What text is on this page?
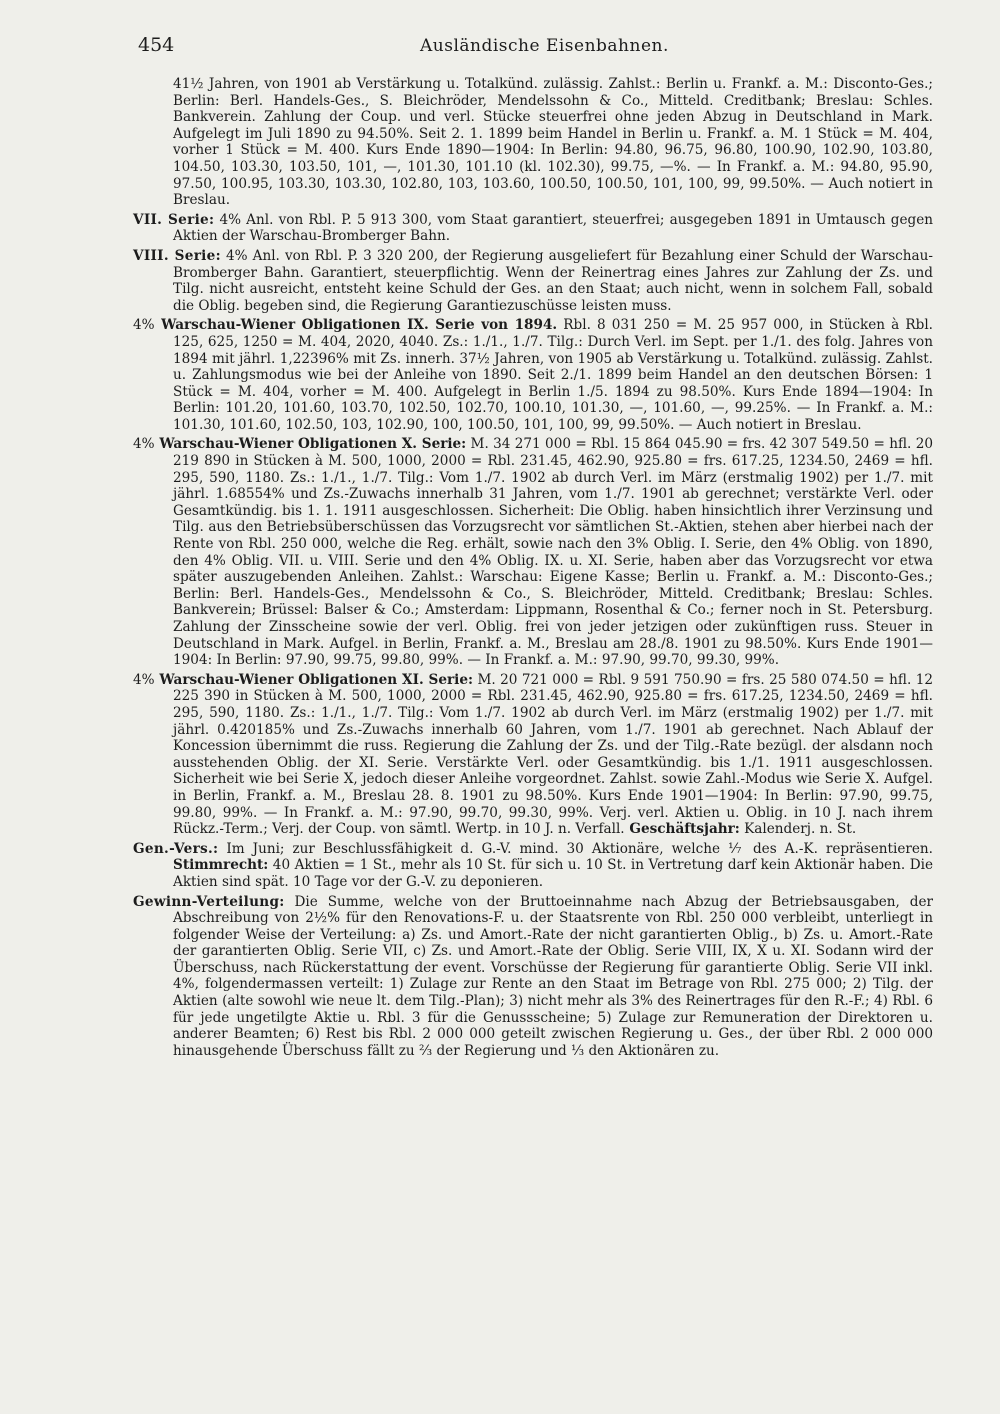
454	Ausländische Eisenbahnen.

41½ Jahren, von 1901 ab Verstärkung u. Totalkünd. zulässig. Zahlst.: Berlin u. Frankf. a. M.: Disconto-Ges.; Berlin: Berl. Handels-Ges., S. Bleichröder, Mendelssohn & Co., Mitteld. Creditbank; Breslau: Schles. Bankverein. Zahlung der Coup. und verl. Stücke steuerfrei ohne jeden Abzug in Deutschland in Mark. Aufgelegt im Juli 1890 zu 94.50%. Seit 2. 1. 1899 beim Handel in Berlin u. Frankf. a. M. 1 Stück = M. 404, vorher 1 Stück = M. 400. Kurs Ende 1890—1904: In Berlin: 94.80, 96.75, 96.80, 100.90, 102.90, 103.80, 104.50, 103.30, 103.50, 101, —, 101.30, 101.10 (kl. 102.30), 99.75, —%. — In Frankf. a. M.: 94.80, 95.90, 97.50, 100.95, 103.30, 103.30, 102.80, 103, 103.60, 100.50, 100.50, 101, 100, 99, 99.50%. — Auch notiert in Breslau.

VII. Serie: 4% Anl. von Rbl. P. 5 913 300, vom Staat garantiert, steuerfrei; ausgegeben 1891 in Umtausch gegen Aktien der Warschau-Bromberger Bahn.

VIII. Serie: 4% Anl. von Rbl. P. 3 320 200, der Regierung ausgeliefert für Bezahlung einer Schuld der Warschau-Bromberger Bahn. Garantiert, steuerpflichtig. Wenn der Reinertrag eines Jahres zur Zahlung der Zs. und Tilg. nicht ausreicht, entsteht keine Schuld der Ges. an den Staat; auch nicht, wenn in solchem Fall, sobald die Oblig. begeben sind, die Regierung Garantiezuschüsse leisten muss.

4% Warschau-Wiener Obligationen IX. Serie von 1894. Rbl. 8 031 250 = M. 25 957 000, in Stücken à Rbl. 125, 625, 1250 = M. 404, 2020, 4040. Zs.: 1./1., 1./7. Tilg.: Durch Verl. im Sept. per 1./1. des folg. Jahres von 1894 mit jährl. 1,22396% mit Zs. innerh. 37½ Jahren, von 1905 ab Verstärkung u. Totalkünd. zulässig. Zahlst. u. Zahlungsmodus wie bei der Anleihe von 1890. Seit 2./1. 1899 beim Handel an den deutschen Börsen: 1 Stück = M. 404, vorher = M. 400. Aufgelegt in Berlin 1./5. 1894 zu 98.50%. Kurs Ende 1894—1904: In Berlin: 101.20, 101.60, 103.70, 102.50, 102.70, 100.10, 101.30, —, 101.60, —, 99.25%. — In Frankf. a. M.: 101.30, 101.60, 102.50, 103, 102.90, 100, 100.50, 101, 100, 99, 99.50%. — Auch notiert in Breslau.

4% Warschau-Wiener Obligationen X. Serie: M. 34 271 000 = Rbl. 15 864 045.90 = frs. 42 307 549.50 = hfl. 20 219 890 in Stücken à M. 500, 1000, 2000 = Rbl. 231.45, 462.90, 925.80 = frs. 617.25, 1234.50, 2469 = hfl. 295, 590, 1180. Zs.: 1./1., 1./7. Tilg.: Vom 1./7. 1902 ab durch Verl. im März (erstmalig 1902) per 1./7. mit jährl. 1.68554% und Zs.-Zuwachs innerhalb 31 Jahren, vom 1./7. 1901 ab gerechnet; verstärkte Verl. oder Gesamtkündig. bis 1. 1. 1911 ausgeschlossen. Sicherheit: Die Oblig. haben hinsichtlich ihrer Verzinsung und Tilg. aus den Betriebsüberschüssen das Vorzugsrecht vor sämtlichen St.-Aktien, stehen aber hierbei nach der Rente von Rbl. 250 000, welche die Reg. erhält, sowie nach den 3% Oblig. I. Serie, den 4% Oblig. von 1890, den 4% Oblig. VII. u. VIII. Serie und den 4% Oblig. IX. u. XI. Serie, haben aber das Vorzugsrecht vor etwa später auszugebenden Anleihen. Zahlst.: Warschau: Eigene Kasse; Berlin u. Frankf. a. M.: Disconto-Ges.; Berlin: Berl. Handels-Ges., Mendelssohn & Co., S. Bleichröder, Mitteld. Creditbank; Breslau: Schles. Bankverein; Brüssel: Balser & Co.; Amsterdam: Lippmann, Rosenthal & Co.; ferner noch in St. Petersburg. Zahlung der Zinsscheine sowie der verl. Oblig. frei von jeder jetzigen oder zukünftigen russ. Steuer in Deutschland in Mark. Aufgel. in Berlin, Frankf. a. M., Breslau am 28./8. 1901 zu 98.50%. Kurs Ende 1901—1904: In Berlin: 97.90, 99.75, 99.80, 99%. — In Frankf. a. M.: 97.90, 99.70, 99.30, 99%.

4% Warschau-Wiener Obligationen XI. Serie: M. 20 721 000 = Rbl. 9 591 750.90 = frs. 25 580 074.50 = hfl. 12 225 390 in Stücken à M. 500, 1000, 2000 = Rbl. 231.45, 462.90, 925.80 = frs. 617.25, 1234.50, 2469 = hfl. 295, 590, 1180. Zs.: 1./1., 1./7. Tilg.: Vom 1./7. 1902 ab durch Verl. im März (erstmalig 1902) per 1./7. mit jährl. 0.420185% und Zs.-Zuwachs innerhalb 60 Jahren, vom 1./7. 1901 ab gerechnet. Nach Ablauf der Koncession übernimmt die russ. Regierung die Zahlung der Zs. und der Tilg.-Rate bezügl. der alsdann noch ausstehenden Oblig. der XI. Serie. Verstärkte Verl. oder Gesamtkündig. bis 1./1. 1911 ausgeschlossen. Sicherheit wie bei Serie X, jedoch dieser Anleihe vorgeordnet. Zahlst. sowie Zahl.-Modus wie Serie X. Aufgel. in Berlin, Frankf. a. M., Breslau 28. 8. 1901 zu 98.50%. Kurs Ende 1901—1904: In Berlin: 97.90, 99.75, 99.80, 99%. — In Frankf. a. M.: 97.90, 99.70, 99.30, 99%. Verj. verl. Aktien u. Oblig. in 10 J. nach ihrem Rückz.-Term.; Verj. der Coup. von sämtl. Wertp. in 10 J. n. Verfall. Geschäftsjahr: Kalenderj. n. St.

Gen.-Vers.: Im Juni; zur Beschlussfähigkeit d. G.-V. mind. 30 Aktionäre, welche ⅐ des A.-K. repräsentieren. Stimmrecht: 40 Aktien = 1 St., mehr als 10 St. für sich u. 10 St. in Vertretung darf kein Aktionär haben. Die Aktien sind spät. 10 Tage vor der G.-V. zu deponieren.

Gewinn-Verteilung: Die Summe, welche von der Bruttoeinnahme nach Abzug der Betriebsausgaben, der Abschreibung von 2½% für den Renovations-F. u. der Staatsrente von Rbl. 250 000 verbleibt, unterliegt in folgender Weise der Verteilung: a) Zs. und Amort.-Rate der nicht garantierten Oblig., b) Zs. u. Amort.-Rate der garantierten Oblig. Serie VII, c) Zs. und Amort.-Rate der Oblig. Serie VIII, IX, X u. XI. Sodann wird der Überschuss, nach Rückerstattung der event. Vorschüsse der Regierung für garantierte Oblig. Serie VII inkl. 4%, folgendermassen verteilt: 1) Zulage zur Rente an den Staat im Betrage von Rbl. 275 000; 2) Tilg. der Aktien (alte sowohl wie neue lt. dem Tilg.-Plan); 3) nicht mehr als 3% des Reinertrages für den R.-F.; 4) Rbl. 6 für jede ungetilgte Aktie u. Rbl. 3 für die Genussscheine; 5) Zulage zur Remuneration der Direktoren u. anderer Beamten; 6) Rest bis Rbl. 2 000 000 geteilt zwischen Regierung u. Ges., der über Rbl. 2 000 000 hinausgehende Überschuss fällt zu ⅔ der Regierung und ⅓ den Aktionären zu.
